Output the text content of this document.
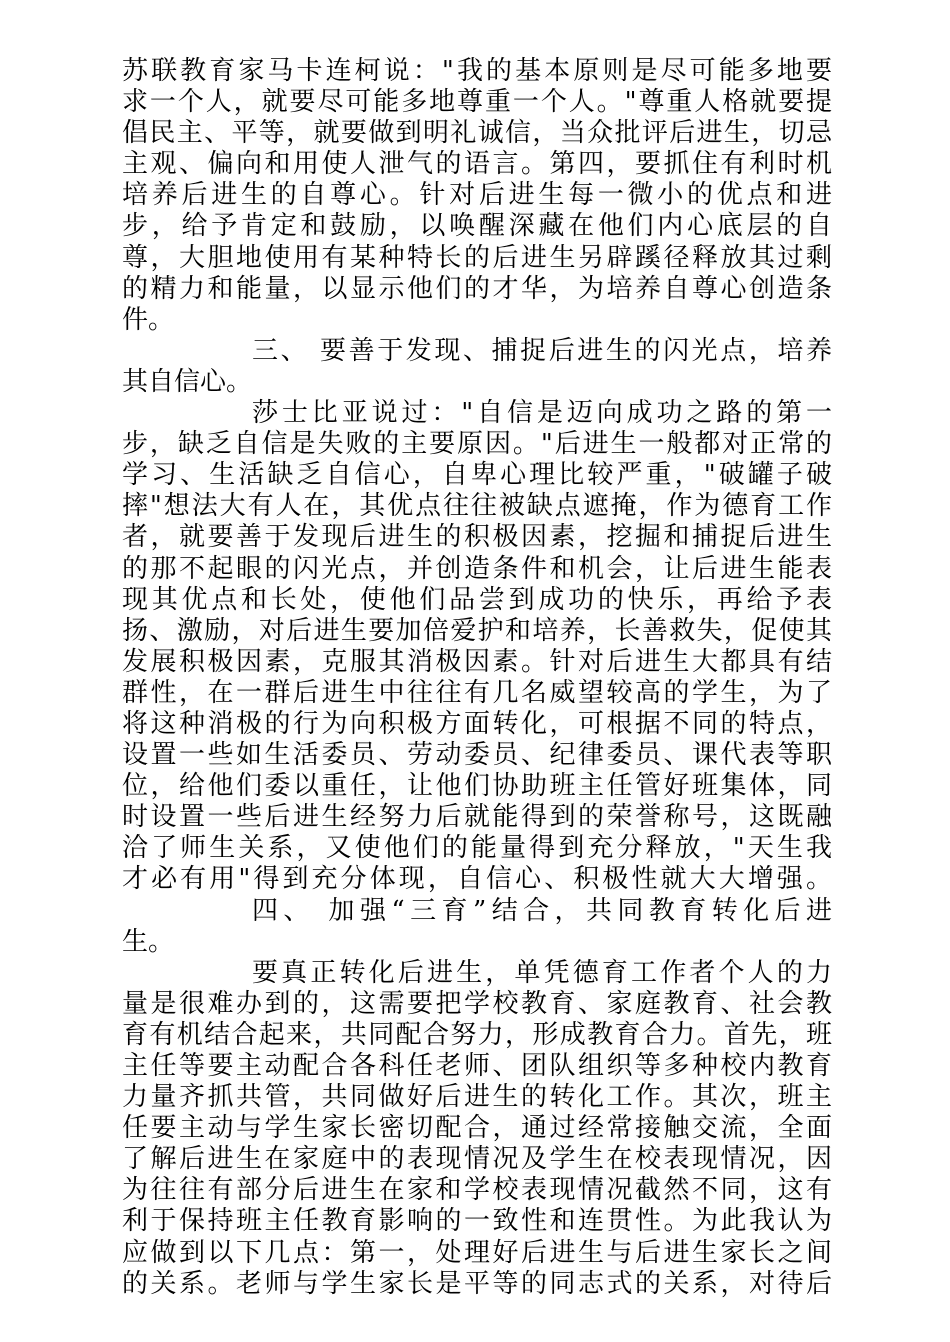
苏联教育家马卡连柯说："我的基本原则是尽可能多地要
求一个人，就要尽可能多地尊重一个人。"尊重人格就要提
倡民主、平等，就要做到明礼诚信，当众批评后进生，切忌
主观、偏向和用使人泄气的语言。第四，要抓住有利时机
培养后进生的自尊心。针对后进生每一微小的优点和进
步，给予肯定和鼓励，以唤醒深藏在他们内心底层的自
尊，大胆地使用有某种特长的后进生另辟蹊径释放其过剩
的精力和能量，以显示他们的才华，为培养自尊心创造条
件。
三、 要善于发现、捕捉后进生的闪光点，培养
其自信心。
莎士比亚说过："自信是迈向成功之路的第一
步，缺乏自信是失败的主要原因。"后进生一般都对正常的
学习、生活缺乏自信心，自卑心理比较严重，"破罐子破
摔"想法大有人在，其优点往往被缺点遮掩，作为德育工作
者，就要善于发现后进生的积极因素，挖掘和捕捉后进生
的那不起眼的闪光点，并创造条件和机会，让后进生能表
现其优点和长处，使他们品尝到成功的快乐，再给予表
扬、激励，对后进生要加倍爱护和培养，长善救失，促使其
发展积极因素，克服其消极因素。针对后进生大都具有结
群性，在一群后进生中往往有几名威望较高的学生，为了
将这种消极的行为向积极方面转化，可根据不同的特点，
设置一些如生活委员、劳动委员、纪律委员、课代表等职
位，给他们委以重任，让他们协助班主任管好班集体，同
时设置一些后进生经努力后就能得到的荣誉称号，这既融
洽了师生关系，又使他们的能量得到充分释放，"天生我
才必有用"得到充分体现，自信心、积极性就大大增强。
四、 加强“三育”结合，共同教育转化后进
生。
要真正转化后进生，单凭德育工作者个人的力
量是很难办到的，这需要把学校教育、家庭教育、社会教
育有机结合起来，共同配合努力，形成教育合力。首先，班
主任等要主动配合各科任老师、团队组织等多种校内教育
力量齐抓共管，共同做好后进生的转化工作。其次，班主
任要主动与学生家长密切配合，通过经常接触交流，全面
了解后进生在家庭中的表现情况及学生在校表现情况，因
为往往有部分后进生在家和学校表现情况截然不同，这有
利于保持班主任教育影响的一致性和连贯性。为此我认为
应做到以下几点：第一，处理好后进生与后进生家长之间
的关系。老师与学生家长是平等的同志式的关系，对待后
